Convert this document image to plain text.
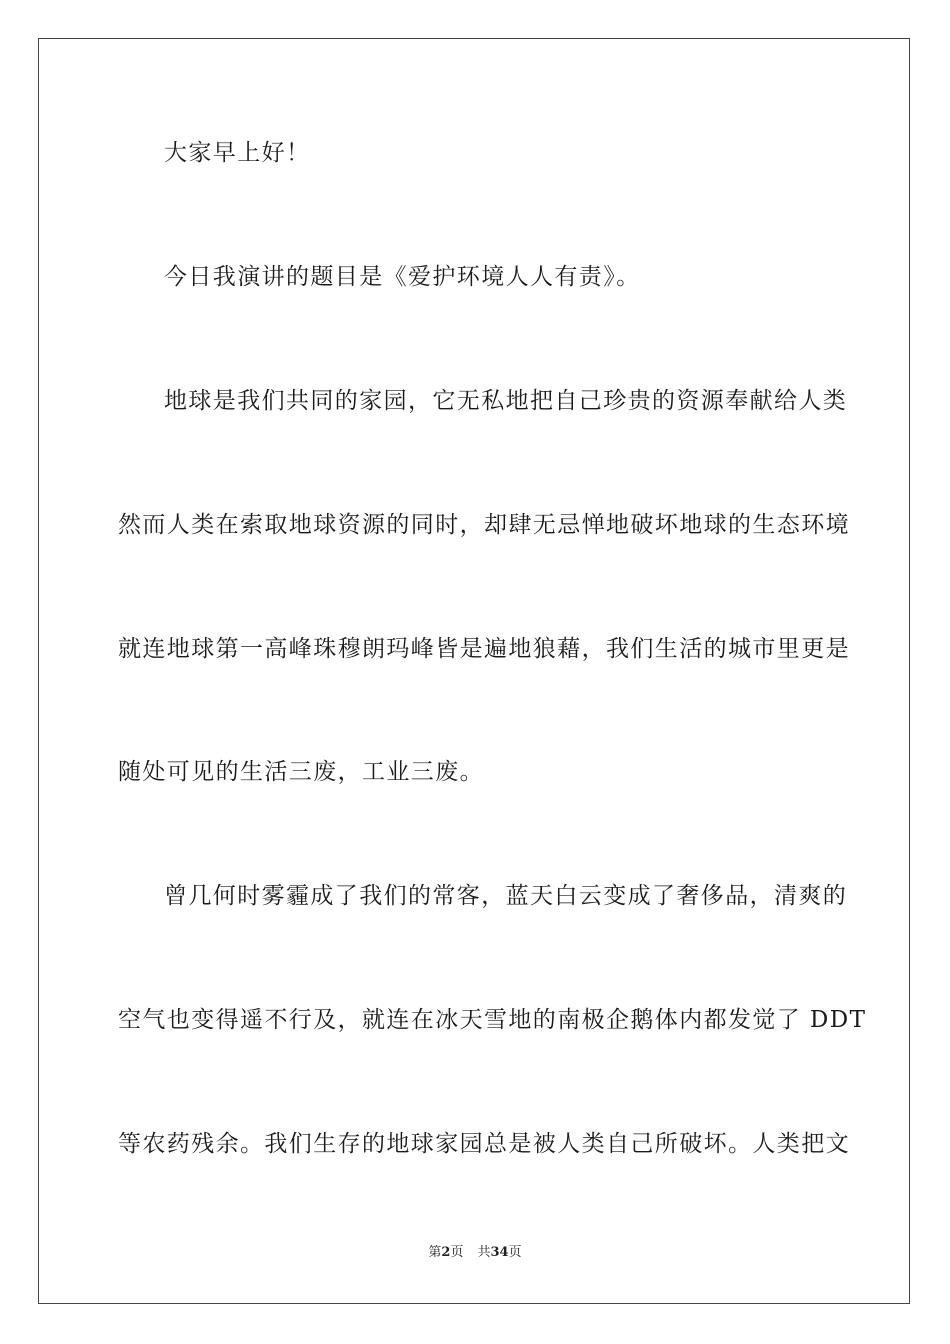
大家早上好！
今日我演讲的题目是《爱护环境人人有责》。
地球是我们共同的家园，它无私地把自己珍贵的资源奉献给人类
然而人类在索取地球资源的同时，却肆无忌惮地破坏地球的生态环境
就连地球第一高峰珠穆朗玛峰皆是遍地狼藉，我们生活的城市里更是
随处可见的生活三废，工业三废。
曾几何时雾霾成了我们的常客，蓝天白云变成了奢侈品，清爽的
空气也变得遥不行及，就连在冰天雪地的南极企鹅体内都发觉了 DDT
等农药残余。我们生存的地球家园总是被人类自己所破坏。人类把文
第2页 共34页
